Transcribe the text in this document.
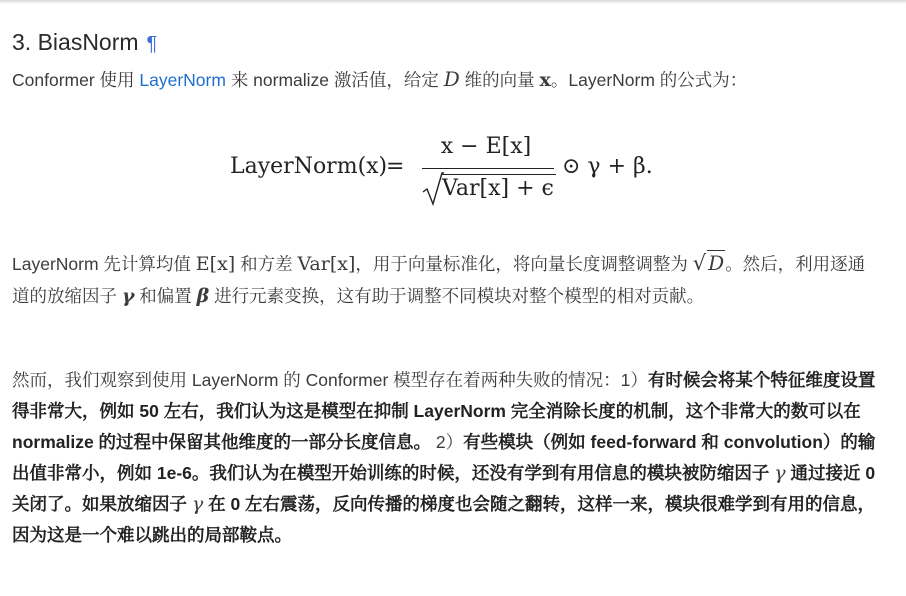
3. BiasNorm ¶

Conformer 使用 LayerNorm 来 normalize 激活值，给定 D 维的向量 x。LayerNorm 的公式为：

LayerNorm(x)
=
x − E[x]
Var[x] + ϵ
⊙ γ + β.

LayerNorm 先计算均值 E[x] 和方差 Var[x]，用于向量标准化，将向量长度调整调整为 √ D。然后，利用逐通道的放缩因子 γ 和偏置 β 进行元素变换，这有助于调整不同模块对整个模型的相对贡献。

然而，我们观察到使用 LayerNorm 的 Conformer 模型存在着两种失败的情况：1）有时候会将某个特征维度设置得非常大，例如 50 左右，我们认为这是模型在抑制 LayerNorm 完全消除长度的机制，这个非常大的数可以在 normalize 的过程中保留其他维度的一部分长度信息。 2）有些模块（例如 feed-forward 和 convolution）的输出值非常小，例如 1e-6。我们认为在模型开始训练的时候，还没有学到有用信息的模块被防缩因子 γ 通过接近 0 关闭了。如果放缩因子 γ 在 0 左右震荡，反向传播的梯度也会随之翻转，这样一来，模块很难学到有用的信息，因为这是一个难以跳出的局部鞍点。
